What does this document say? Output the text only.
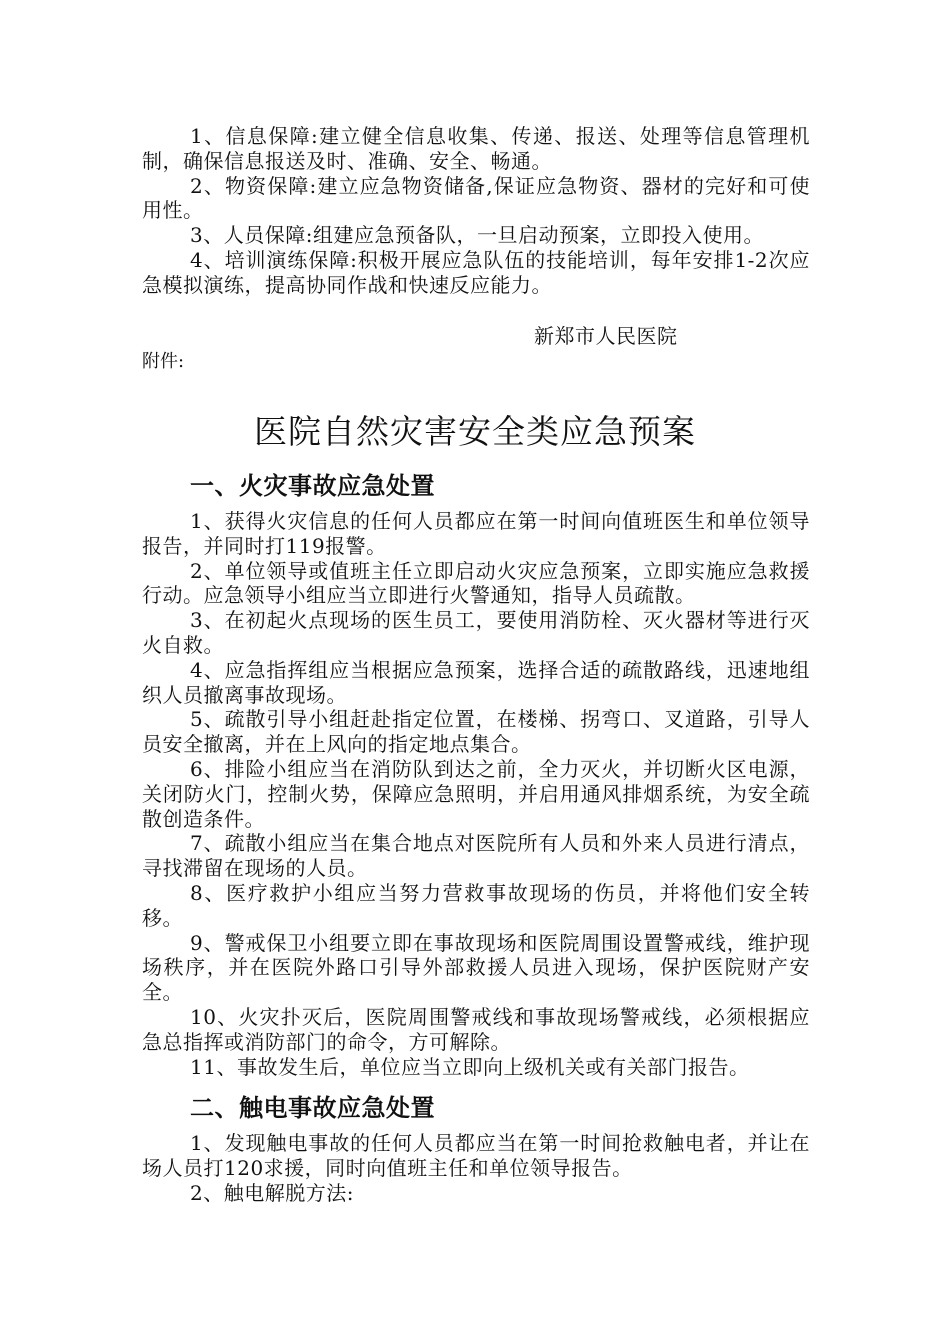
1、信息保障:建立健全信息收集、传递、报送、处理等信息管理机制，确保信息报送及时、准确、安全、畅通。

2、物资保障:建立应急物资储备,保证应急物资、器材的完好和可使用性。

3、人员保障:组建应急预备队，一旦启动预案，立即投入使用。

4、培训演练保障:积极开展应急队伍的技能培训，每年安排1-2次应急模拟演练，提高协同作战和快速反应能力。

新郑市人民医院
附件:
医院自然灾害安全类应急预案
一、火灾事故应急处置

1、获得火灾信息的任何人员都应在第一时间向值班医生和单位领导报告，并同时打119报警。

2、单位领导或值班主任立即启动火灾应急预案，立即实施应急救援行动。应急领导小组应当立即进行火警通知，指导人员疏散。

3、在初起火点现场的医生员工，要使用消防栓、灭火器材等进行灭火自救。

4、应急指挥组应当根据应急预案，选择合适的疏散路线，迅速地组织人员撤离事故现场。

5、疏散引导小组赶赴指定位置，在楼梯、拐弯口、叉道路，引导人员安全撤离，并在上风向的指定地点集合。

6、排险小组应当在消防队到达之前，全力灭火，并切断火区电源，关闭防火门，控制火势，保障应急照明，并启用通风排烟系统，为安全疏散创造条件。

7、疏散小组应当在集合地点对医院所有人员和外来人员进行清点，寻找滞留在现场的人员。

8、医疗救护小组应当努力营救事故现场的伤员，并将他们安全转移。

9、警戒保卫小组要立即在事故现场和医院周围设置警戒线，维护现场秩序，并在医院外路口引导外部救援人员进入现场，保护医院财产安全。

10、火灾扑灭后，医院周围警戒线和事故现场警戒线，必须根据应急总指挥或消防部门的命令，方可解除。

11、事故发生后，单位应当立即向上级机关或有关部门报告。

二、触电事故应急处置

1、发现触电事故的任何人员都应当在第一时间抢救触电者，并让在场人员打120求援，同时向值班主任和单位领导报告。

2、触电解脱方法:
